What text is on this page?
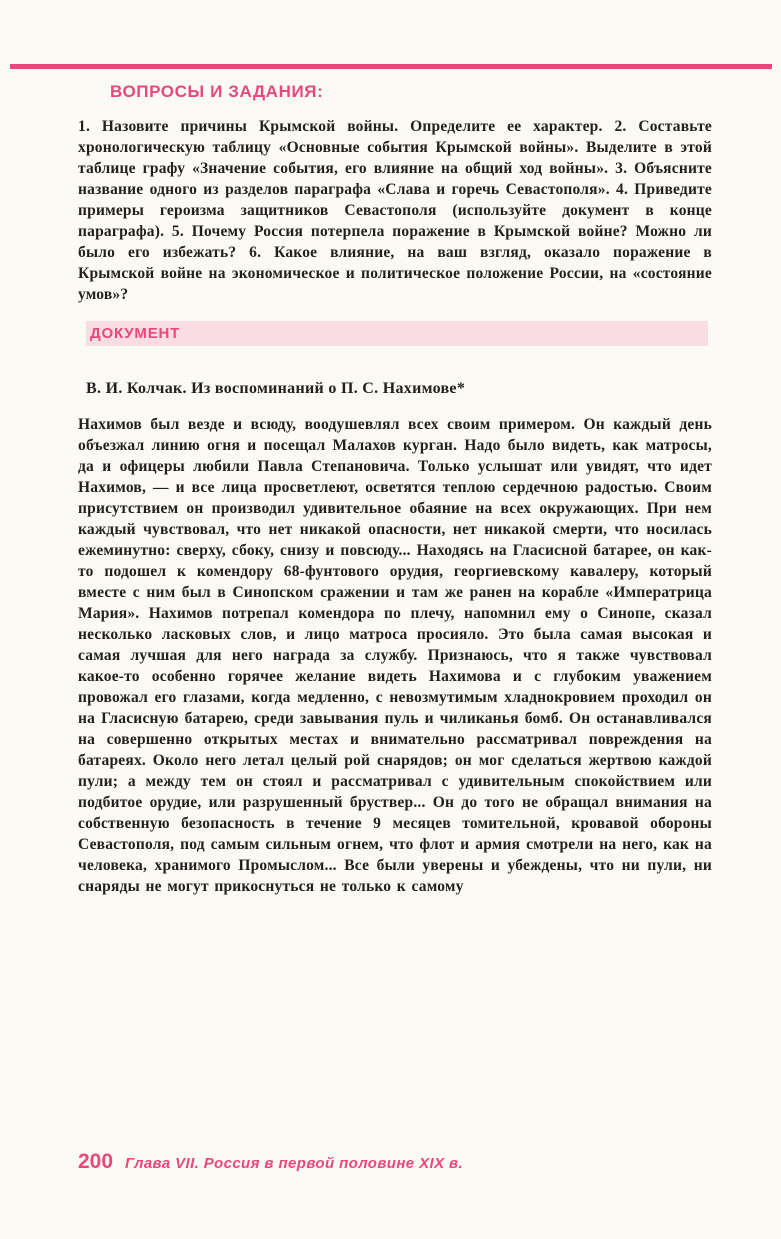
ВОПРОСЫ И ЗАДАНИЯ:

1. Назовите причины Крымской войны. Определите ее характер. 2. Составьте хронологическую таблицу «Основные события Крымской войны». Выделите в этой таблице графу «Значение события, его влияние на общий ход войны». 3. Объясните название одного из разделов параграфа «Слава и горечь Севастополя». 4. Приведите примеры героизма защитников Севастополя (используйте документ в конце параграфа). 5. Почему Россия потерпела поражение в Крымской войне? Можно ли было его избежать? 6. Какое влияние, на ваш взгляд, оказало поражение в Крымской войне на экономическое и политическое положение России, на «состояние умов»?

ДОКУМЕНТ
В. И. Колчак. Из воспоминаний о П. С. Нахимове*

Нахимов был везде и всюду, воодушевлял всех своим примером. Он каждый день объезжал линию огня и посещал Малахов курган. Надо было видеть, как матросы, да и офицеры любили Павла Степановича. Только услышат или увидят, что идет Нахимов, — и все лица просветлеют, осветятся теплою сердечною радостью. Своим присутствием он производил удивительное обаяние на всех окружающих. При нем каждый чувствовал, что нет никакой опасности, нет никакой смерти, что носилась ежеминутно: сверху, сбоку, снизу и повсюду... Находясь на Гласисной батарее, он как-то подошел к комендору 68-фунтового орудия, георгиевскому кавалеру, который вместе с ним был в Синопском сражении и там же ранен на корабле «Императрица Мария». Нахимов потрепал комендора по плечу, напомнил ему о Синопе, сказал несколько ласковых слов, и лицо матроса просияло. Это была самая высокая и самая лучшая для него награда за службу. Признаюсь, что я также чувствовал какое-то особенно горячее желание видеть Нахимова и с глубоким уважением провожал его глазами, когда медленно, с невозмутимым хладнокровием проходил он на Гласисную батарею, среди завывания пуль и чиликанья бомб. Он останавливался на совершенно открытых местах и внимательно рассматривал повреждения на батареях. Около него летал целый рой снарядов; он мог сделаться жертвою каждой пули; а между тем он стоял и рассматривал с удивительным спокойствием или подбитое орудие, или разрушенный бруствер... Он до того не обращал внимания на собственную безопасность в течение 9 месяцев томительной, кровавой обороны Севастополя, под самым сильным огнем, что флот и армия смотрели на него, как на человека, хранимого Промыслом... Все были уверены и убеждены, что ни пули, ни снаряды не могут прикоснуться не только к самому

200 Глава VII. Россия в первой половине XIX в.
